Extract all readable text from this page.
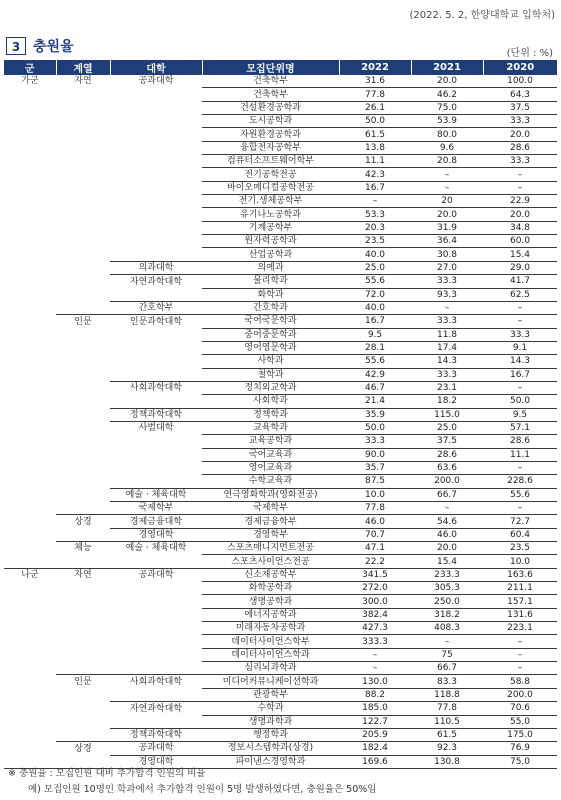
(2022. 5. 2, 한양대학교 입학처)
3 충원율	(단위 : %)
군	계열	대학	모집단위명	2022	2021	2020
가군	자연	공과대학	건축학부	31.6	20.0	100.0
			건축학부	77.8	46.2	64.3
			건설환경공학과	26.1	75.0	37.5
			도시공학과	50.0	53.9	33.3
			자원환경공학과	61.5	80.0	20.0
			융합전자공학부	13.8	9.6	28.6
			컴퓨터소프트웨어학부	11.1	20.8	33.3
			전기공학전공	42.3	–	–
			바이오메디컬공학전공	16.7	–	–
			전기.생체공학부	–	20	22.9
			유기나노공학과	53.3	20.0	20.0
			기계공학부	20.3	31.9	34.8
			원자력공학과	23.5	36.4	60.0
			산업공학과	40.0	30.8	15.4
		의과대학	의예과	25.0	27.0	29.0
		자연과학대학	물리학과	55.6	33.3	41.7
			화학과	72.0	93.3	62.5
		간호학부	간호학과	40.0	–	–
	인문	인문과학대학	국어국문학과	16.7	33.3	–
			중어중문학과	9.5	11.8	33.3
			영어영문학과	28.1	17.4	9.1
			사학과	55.6	14.3	14.3
			철학과	42.9	33.3	16.7
		사회과학대학	정치외교학과	46.7	23.1	–
			사회학과	21.4	18.2	50.0
		정책과학대학	정책학과	35.9	115.0	9.5
		사범대학	교육학과	50.0	25.0	57.1
			교육공학과	33.3	37.5	28.6
			국어교육과	90.0	28.6	11.1
			영어교육과	35.7	63.6	–
			수학교육과	87.5	200.0	228.6
		예술 · 체육대학	연극영화학과(영화전공)	10.0	66.7	55.6
		국제학부	국제학부	77.8	–	–
	상경	경제금융대학	경제금융학부	46.0	54.6	72.7
		경영대학	경영학부	70.7	46.0	60.4
	체능	예술 · 체육대학	스포츠매니지먼트전공	47.1	20.0	23.5
			스포츠사이언스전공	22.2	15.4	10.0
나군	자연	공과대학	신소재공학부	341.5	233.3	163.6
			화학공학과	272.0	305.3	211.1
			생명공학과	300.0	250.0	157.1
			에너지공학과	382.4	318.2	131.6
			미래자동차공학과	427.3	408.3	223.1
			데이터사이언스학부	333.3	–	–
			데이터사이언스학과	–	75	–
			심리뇌과학과	–	66.7	–
	인문	사회과학대학	미디어커뮤니케이션학과	130.0	83.3	58.8
			관광학부	88.2	118.8	200.0
		자연과학대학	수학과	185.0	77.8	70.6
			생명과학과	122.7	110.5	55.0
		정책과학대학	행정학과	205.9	61.5	175.0
	상경	공과대학	정보시스템학과(상경)	182.4	92.3	76.9
		경영대학	파이낸스경영학과	169.6	130.8	75.0
※ 충원율 : 모집인원 대비 추가합격 인원의 비율
예) 모집인원 10명인 학과에서 추가합격 인원이 5명 발생하였다면, 충원율은 50%임
